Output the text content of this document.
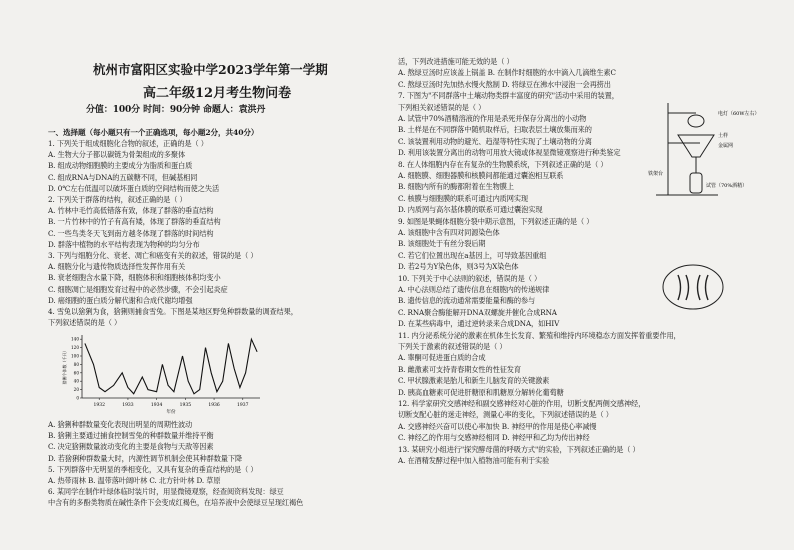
杭州市富阳区实验中学2023学年第一学期
高二年级12月考生物问卷
分值：100分 时间：90分钟 命题人：袁洪丹
一、选择题（每小题只有一个正确选项，每小题2分，共40分）
1. 下列关于组成细胞化合物的叙述，正确的是（ ）
A. 生物大分子都以碳链为骨架组成的多聚体
B. 组成动物细胞膜的主要成分为脂质和蛋白质
C. 组成RNA与DNA的五碳糖不同，但碱基相同
D. 0℃左右低温可以破坏蛋白质的空间结构而使之失活
2. 下列关于群落的结构，叙述正确的是（ ）
A. 竹林中毛竹高低错落有致，体现了群落的垂直结构
B. 一片竹林中的竹子有高有矮，体现了群落的垂直结构
C. 一些鸟类冬天飞到南方越冬体现了群落的时间结构
D. 群落中植物的水平结构表现为物种的均匀分布
3. 下列与细胞分化、衰老、凋亡和癌变有关的叙述，错误的是（ ）
A. 细胞分化与遗传物质选择性发挥作用有关
B. 衰老细胞含水量下降，细胞体积和细胞核体积均变小
C. 细胞凋亡是细胞发育过程中的必然步骤，不会引起炎症
D. 癌细胞的蛋白质分解代谢和合成代谢均增强
4. 雪兔以猞猁为食，猞猁则捕食雪兔。下图是某地区野兔种群数量的调查结果，
下列叙述错误的是（ ）
0
20
40
60
80
100
120
140
1932	1933	1934	1935	1936	1937
猞猁个体数（千只）
年份
A. 猞猁种群数量变化表现出明显的周期性波动
B. 猞猁主要通过捕食控制雪兔的种群数量并维持平衡
C. 决定猞猁数量波动变化的主要是食物与天敌等因素
D. 若猞猁种群数量大时，内源性调节机制会使其种群数量下降
5. 下列群落中无明显的季相变化，又具有复杂的垂直结构的是（ ）
A. 热带雨林 B. 温带落叶阔叶林 C. 北方针叶林 D. 草原
6. 某同学在制作叶绿体临时装片时，用显微镜观察，经查阅资料发现：绿豆
中含有的多酚类物质在碱性条件下会变成红褐色，在培养液中会使绿豆呈现红褐色
活，下列改进措施可能无效的是（ ）
A. 熬绿豆汤时应该盖上锅盖 B. 在制作时细胞的水中滴入几滴维生素C
C. 熬绿豆汤时先加热水慢火熬制 D. 将绿豆在沸水中浸泡一会再捞出
7. 下图为"不同群落中土壤动物类群丰富度的研究"活动中采用的装置，
下列相关叙述错误的是（ ）
A. 试管中70%酒精溶液的作用是杀死并保存分离出的小动物
B. 土样是在不同群落中随机取样后，扫取表层土壤放集而来的
C. 该装置利用动物的避光、趋湿等特性实现了土壤动物的分离
D. 利用该装置分离出的动物可用放大镜或体视显微镜观察进行种类鉴定
8. 在人体细胞内存在有复杂的生物膜系统，下列叙述正确的是（ ）
A. 细胞膜、细胞器膜和核膜间都能通过囊泡相互联系
B. 细胞内所有的酶都附着在生物膜上
C. 核膜与细胞膜的联系可通过内质网实现
D. 内质网与高尔基体膜的联系可通过囊泡实现
9. 如图是果蝇体细胞分裂中期示意图，下列叙述正确的是（ ）
A. 该细胞中含有四对同源染色体
B. 该细胞处于有丝分裂后期
C. 若它们位置出现在a基因上，可导致基因重组
D. 若2号为Y染色体，则3号为X染色体
10. 下列关于中心法则的叙述，错误的是（ ）
A. 中心法则总结了遗传信息在细胞内的传递规律
B. 遗传信息的流动通常需要能量和酶的参与
C. RNA聚合酶能解开DNA双螺旋并催化合成RNA
D. 在某些病毒中，通过逆转录来合成DNA，如HIV
11. 内分泌系统分泌的激素在机体生长发育、繁殖和维持内环境稳态方面发挥着重要作用，
下列关于激素的叙述错误的是（ ）
A. 睾酮可促进蛋白质的合成
B. 雌激素可支持青春期女性的性征发育
C. 甲状腺激素是胎儿和新生儿脑发育的关键激素
D. 胰高血糖素可促进肝糖原和肌糖原分解转化葡萄糖
12. 科学家研究交感神经和副交感神经对心脏的作用，切断支配两侧交感神经，
切断支配心脏的迷走神经，测量心率的变化，下列叙述错误的是（ ）
A. 交感神经兴奋可以使心率加快 B. 神经甲的作用是使心率减慢
C. 神经乙的作用与交感神经相同 D. 神经甲和乙均为传出神经
13. 某研究小组进行"探究酵母菌的呼吸方式"的实验，下列叙述正确的是（ ）
A. 在酒精发酵过程中加入植物油可能有利于实验
电灯（60W左右）
土样
金属网
铁架台
试管（70%酒精）
